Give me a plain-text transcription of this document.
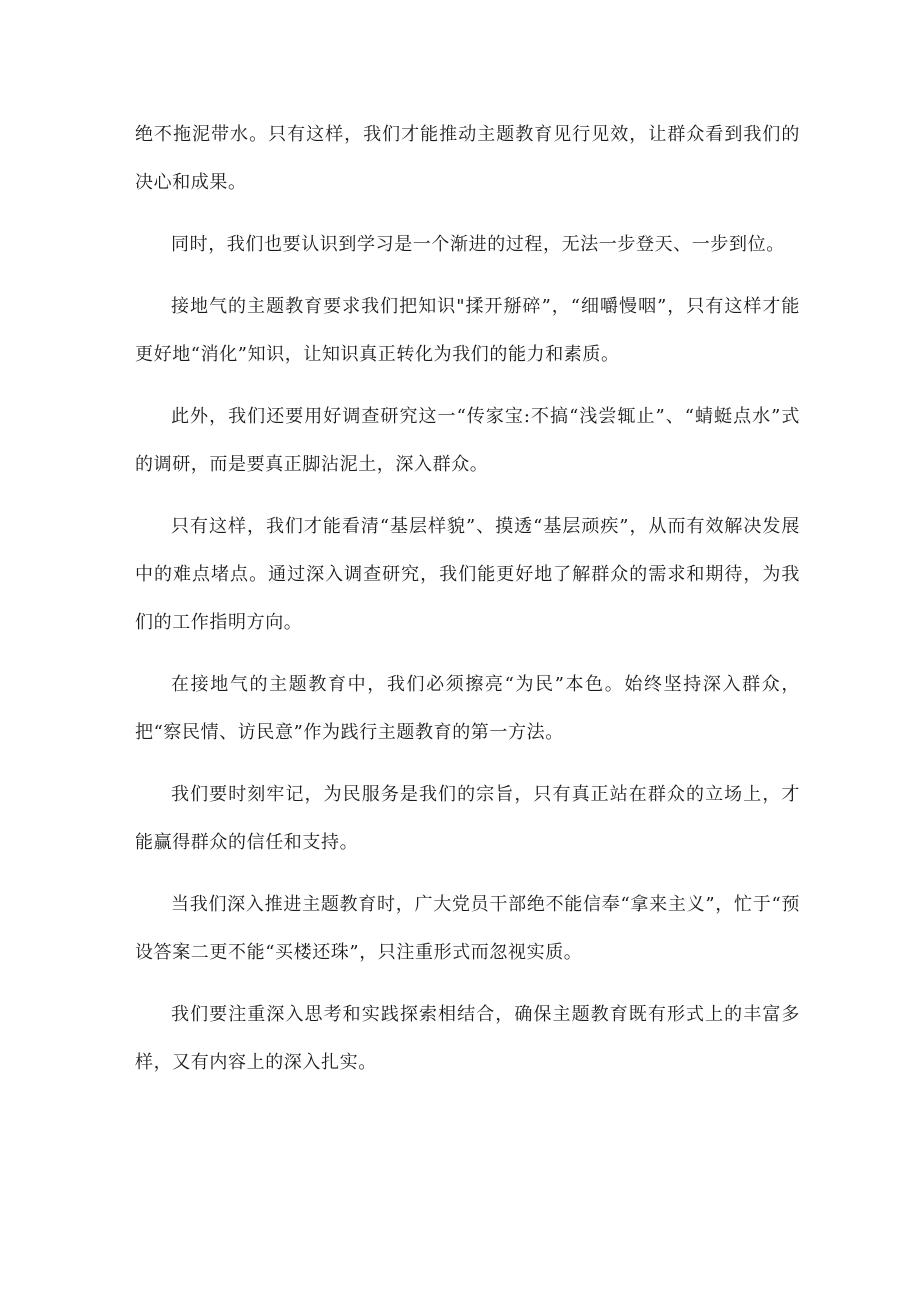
绝不拖泥带水。只有这样，我们才能推动主题教育见行见效，让群众看到我们的决心和成果。

同时，我们也要认识到学习是一个渐进的过程，无法一步登天、一步到位。

接地气的主题教育要求我们把知识"揉开掰碎”，“细嚼慢咽”，只有这样才能更好地“消化”知识，让知识真正转化为我们的能力和素质。

此外，我们还要用好调查研究这一“传家宝:不搞“浅尝辄止”、“蜻蜓点水”式的调研，而是要真正脚沾泥土，深入群众。

只有这样，我们才能看清“基层样貌”、摸透“基层顽疾”，从而有效解决发展中的难点堵点。通过深入调查研究，我们能更好地了解群众的需求和期待，为我们的工作指明方向。

在接地气的主题教育中，我们必须擦亮“为民”本色。始终坚持深入群众，把“察民情、访民意”作为践行主题教育的第一方法。

我们要时刻牢记，为民服务是我们的宗旨，只有真正站在群众的立场上，才能赢得群众的信任和支持。

当我们深入推进主题教育时，广大党员干部绝不能信奉“拿来主义”，忙于“预设答案二更不能“买楼还珠”，只注重形式而忽视实质。

我们要注重深入思考和实践探索相结合，确保主题教育既有形式上的丰富多样，又有内容上的深入扎实。
